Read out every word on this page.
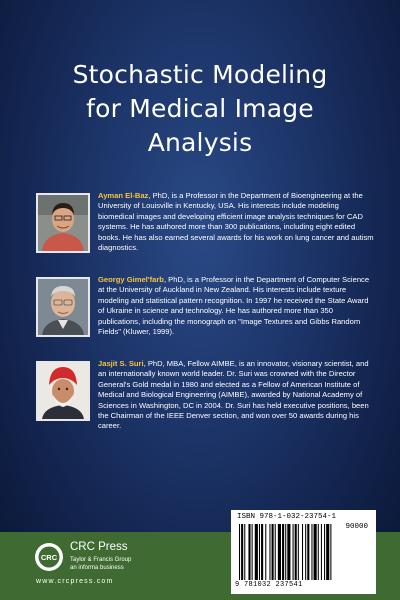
Stochastic Modeling
for Medical Image
Analysis

Ayman El-Baz, PhD, is a Professor in the Department of Bioengineering at the University of Louisville in Kentucky, USA. His interests include modeling biomedical images and developing efficient image analysis techniques for CAD systems. He has authored more than 300 publications, including eight edited books. He has also earned several awards for his work on lung cancer and autism diagnostics.

Georgy Gimel'farb, PhD, is a Professor in the Department of Computer Science at the University of Auckland in New Zealand. His interests include texture modeling and statistical pattern recognition. In 1997 he received the State Award of Ukraine in science and technology. He has authored more than 350 publications, including the monograph on "Image Textures and Gibbs Random Fields" (Kluwer, 1999).

Jasjit S. Suri, PhD, MBA, Fellow AIMBE, is an innovator, visionary scientist, and an internationally known world leader. Dr. Suri was crowned with the Director General's Gold medal in 1980 and elected as a Fellow of American Institute of Medical and Biological Engineering (AIMBE), awarded by National Academy of Sciences in Washington, DC in 2004. Dr. Suri has held executive positions, been the Chairman of the IEEE Denver section, and won over 50 awards during his career.

CRC
CRC Press
Taylor & Francis Group
an informa business
www.crcpress.com
ISBN 978-1-032-23754-1
90000
9 781032 237541
